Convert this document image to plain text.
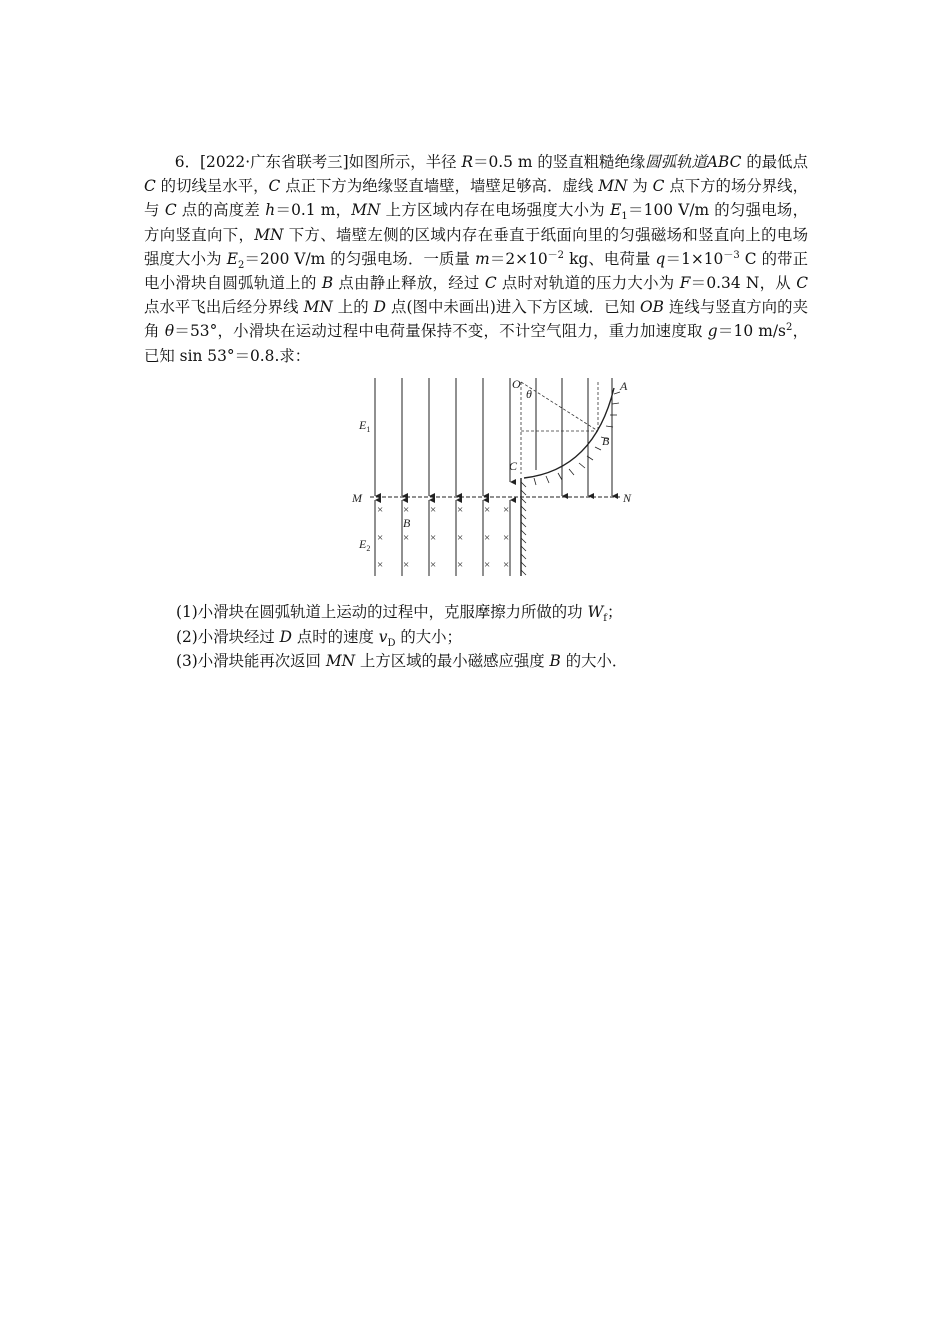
6．[2022·广东省联考三]如图所示，半径 R＝0.5 m 的竖直粗糙绝缘圆弧轨道ABC 的最低点 C 的切线呈水平，C 点正下方为绝缘竖直墙壁，墙壁足够高．虚线 MN 为 C 点下方的场分界线，与 C 点的高度差 h＝0.1 m，MN 上方区域内存在电场强度大小为 $E_1=100$ V/m 的匀强电场，方向竖直向下，MN 下方、墙壁左侧的区域内存在垂直于纸面向里的匀强磁场和竖直向上的电场强度大小为 $E_2=200$ V/m 的匀强电场．一质量 $m=2\times 10^{-2}$ kg、电荷量 $q=1\times 10^{-3}$ C 的带正电小滑块自圆弧轨道上的 B 点由静止释放，经过 C 点时对轨道的压力大小为 F＝0.34 N，从 C 点水平飞出后经分界线 MN 上的 D 点(图中未画出)进入下方区域．已知 OB 连线与竖直方向的夹角 θ＝53°，小滑块在运动过程中电荷量保持不变，不计空气阻力，重力加速度取 g＝10 $m/s^2$，已知 sin 53°＝0.8.求：

× × × × × ×
× × × × × ×
× × × × × ×
O
θ
A
B
C
M	N
$E_1$
$E_2$
B

(1)小滑块在圆弧轨道上运动的过程中，克服摩擦力所做的功 $W_f$；

(2)小滑块经过 D 点时的速度 $v_D$ 的大小；

(3)小滑块能再次返回 MN 上方区域的最小磁感应强度 B 的大小．
